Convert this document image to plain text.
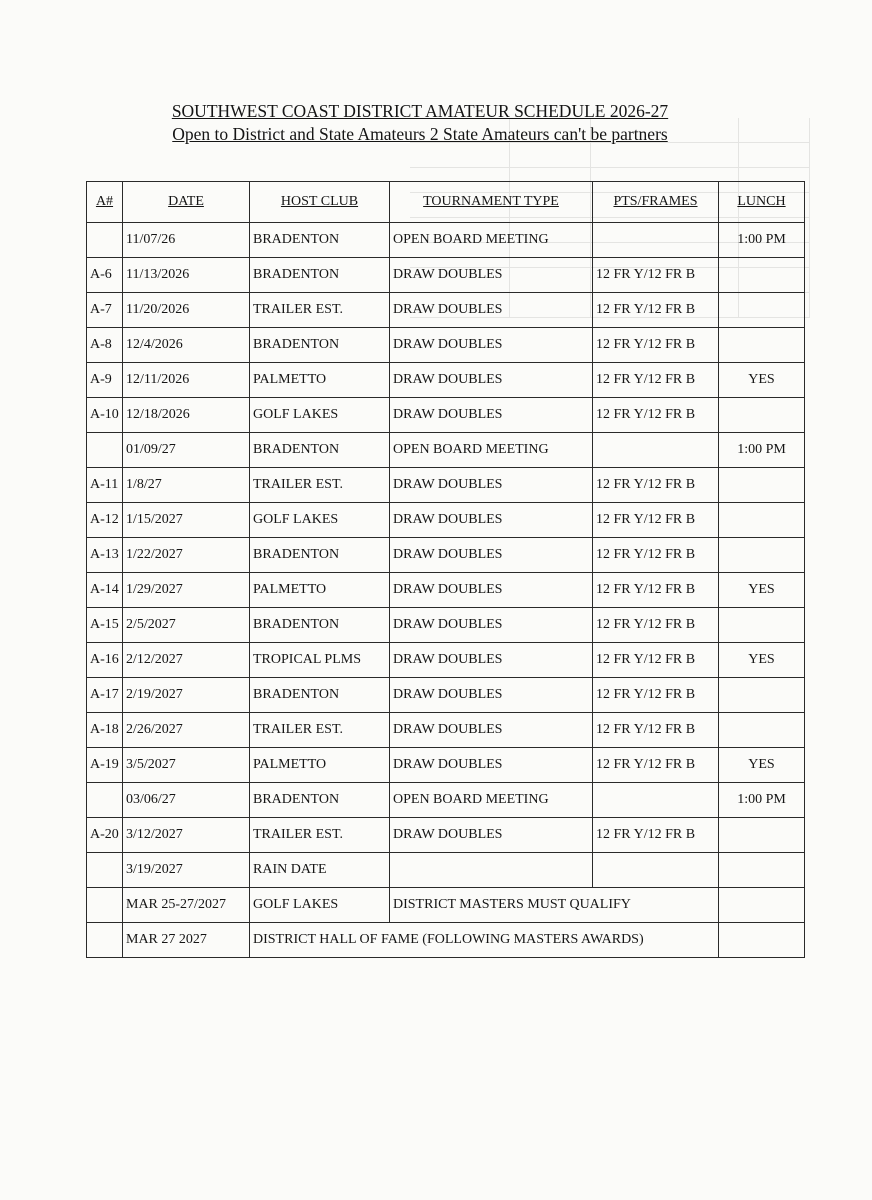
SOUTHWEST COAST DISTRICT AMATEUR SCHEDULE 2026-27
Open to District and State Amateurs 2 State Amateurs can't be partners
A#	DATE	HOST CLUB	TOURNAMENT TYPE	PTS/FRAMES	LUNCH
	11/07/26	BRADENTON	OPEN BOARD MEETING		1:00 PM
A-6	11/13/2026	BRADENTON	DRAW DOUBLES	12 FR Y/12 FR B	
A-7	11/20/2026	TRAILER EST.	DRAW DOUBLES	12 FR Y/12 FR B	
A-8	12/4/2026	BRADENTON	DRAW DOUBLES	12 FR Y/12 FR B	
A-9	12/11/2026	PALMETTO	DRAW DOUBLES	12 FR Y/12 FR B	YES
A-10	12/18/2026	GOLF LAKES	DRAW DOUBLES	12 FR Y/12 FR B	
	01/09/27	BRADENTON	OPEN BOARD MEETING		1:00 PM
A-11	1/8/27	TRAILER EST.	DRAW DOUBLES	12 FR Y/12 FR B	
A-12	1/15/2027	GOLF LAKES	DRAW DOUBLES	12 FR Y/12 FR B	
A-13	1/22/2027	BRADENTON	DRAW DOUBLES	12 FR Y/12 FR B	
A-14	1/29/2027	PALMETTO	DRAW DOUBLES	12 FR Y/12 FR B	YES
A-15	2/5/2027	BRADENTON	DRAW DOUBLES	12 FR Y/12 FR B	
A-16	2/12/2027	TROPICAL PLMS	DRAW DOUBLES	12 FR Y/12 FR B	YES
A-17	2/19/2027	BRADENTON	DRAW DOUBLES	12 FR Y/12 FR B	
A-18	2/26/2027	TRAILER EST.	DRAW DOUBLES	12 FR Y/12 FR B	
A-19	3/5/2027	PALMETTO	DRAW DOUBLES	12 FR Y/12 FR B	YES
	03/06/27	BRADENTON	OPEN BOARD MEETING		1:00 PM
A-20	3/12/2027	TRAILER EST.	DRAW DOUBLES	12 FR Y/12 FR B	
	3/19/2027	RAIN DATE			
	MAR 25-27/2027	GOLF LAKES	DISTRICT MASTERS MUST QUALIFY		
	MAR 27 2027	DISTRICT HALL OF FAME (FOLLOWING MASTERS AWARDS)			
